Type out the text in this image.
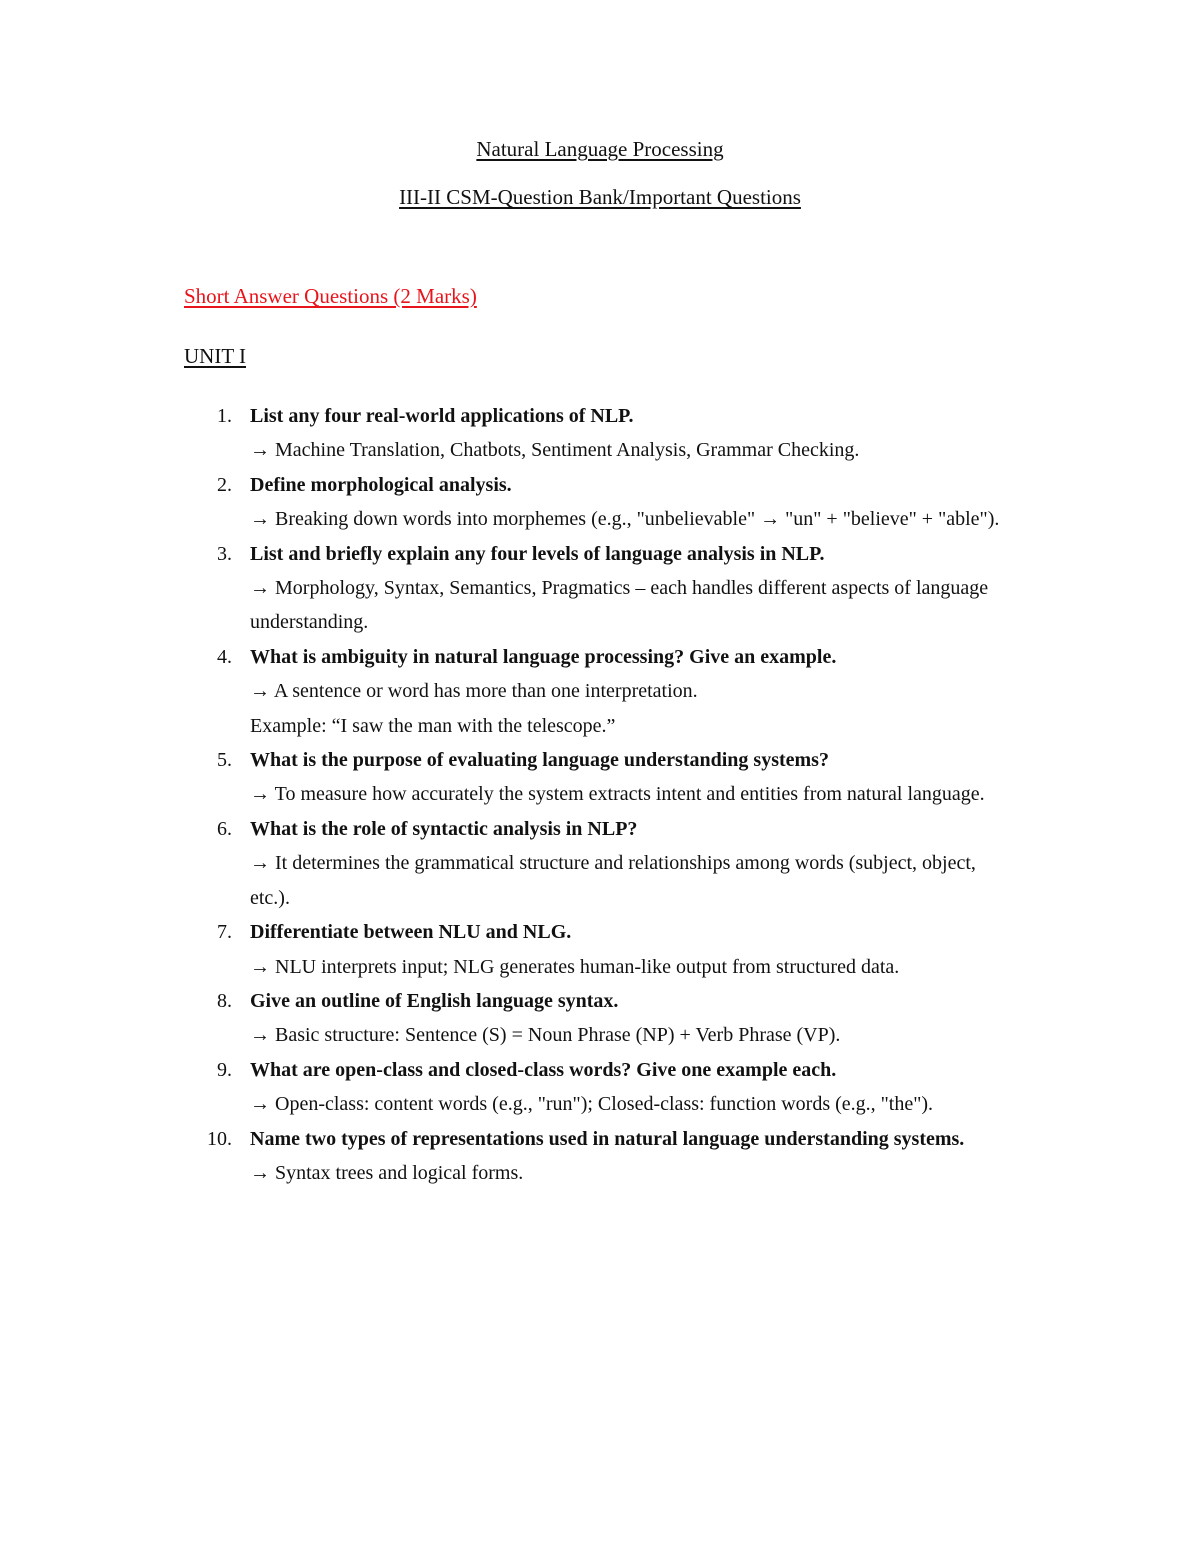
Natural Language Processing
III-II CSM-Question Bank/Important Questions
Short Answer Questions (2 Marks)
UNIT I
1. List any four real-world applications of NLP.
→ Machine Translation, Chatbots, Sentiment Analysis, Grammar Checking.
2. Define morphological analysis.
→ Breaking down words into morphemes (e.g., "unbelievable" → "un" + "believe" + "able").
3. List and briefly explain any four levels of language analysis in NLP.
→ Morphology, Syntax, Semantics, Pragmatics – each handles different aspects of language understanding.
4. What is ambiguity in natural language processing? Give an example.
→ A sentence or word has more than one interpretation.
Example: “I saw the man with the telescope.”
5. What is the purpose of evaluating language understanding systems?
→ To measure how accurately the system extracts intent and entities from natural language.
6. What is the role of syntactic analysis in NLP?
→ It determines the grammatical structure and relationships among words (subject, object, etc.).
7. Differentiate between NLU and NLG.
→ NLU interprets input; NLG generates human-like output from structured data.
8. Give an outline of English language syntax.
→ Basic structure: Sentence (S) = Noun Phrase (NP) + Verb Phrase (VP).
9. What are open-class and closed-class words? Give one example each.
→ Open-class: content words (e.g., "run"); Closed-class: function words (e.g., "the").
10. Name two types of representations used in natural language understanding systems.
→ Syntax trees and logical forms.
